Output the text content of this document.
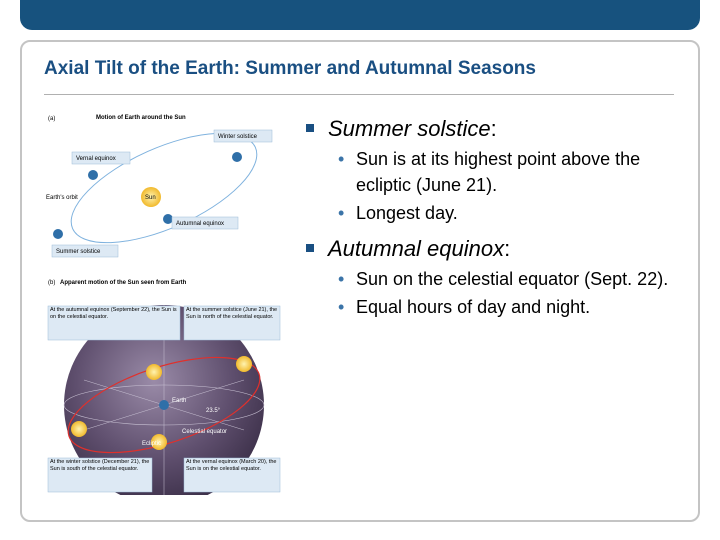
Axial Tilt of the Earth: Summer and Autumnal Seasons
(a)	Motion of Earth around the Sun
Sun
Winter solstice
Vernal equinox
Earth's orbit
Autumnal equinox
Summer solstice
(b) Apparent motion of the Sun seen from Earth
Earth
23.5°
Celestial equator
Ecliptic
At the autumnal equinox (September 22), the Sun is on the celestial equator.
At the summer solstice (June 21), the Sun is north of the celestial equator.
At the winter solstice (December 21), the Sun is south of the celestial equator.
At the vernal equinox (March 20), the Sun is on the celestial equator.
Summer solstice:
• Sun is at its highest point above the ecliptic (June 21).
• Longest day.
Autumnal equinox:
• Sun on the celestial equator (Sept. 22).
• Equal hours of day and night.
